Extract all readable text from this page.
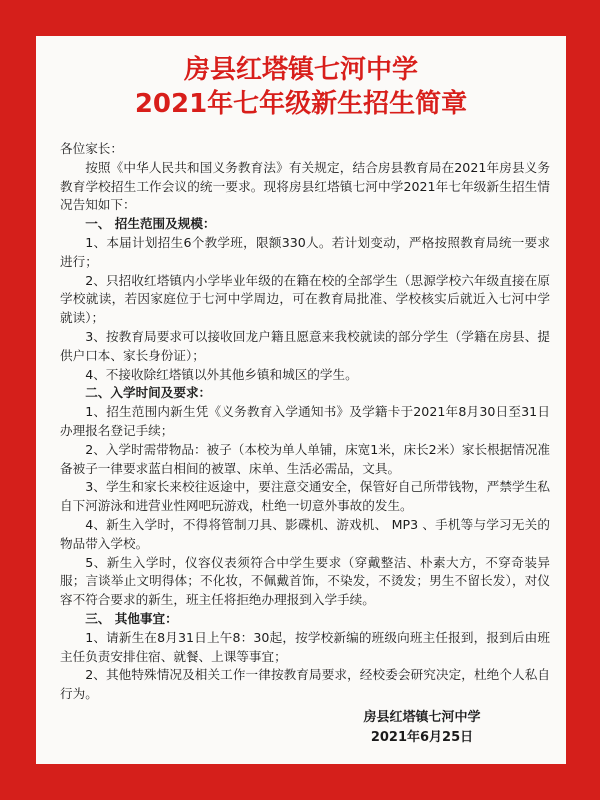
房县红塔镇七河中学
2021年七年级新生招生简章

各位家长：

按照《中华人民共和国义务教育法》有关规定，结合房县教育局在2021年房县义务教育学校招生工作会议的统一要求。现将房县红塔镇七河中学2021年七年级新生招生情况告知如下：

一、 招生范围及规模：

1、本届计划招生6个教学班，限额330人。若计划变动，严格按照教育局统一要求进行；

2、只招收红塔镇内小学毕业年级的在籍在校的全部学生（思源学校六年级直接在原学校就读，若因家庭位于七河中学周边，可在教育局批准、学校核实后就近入七河中学就读）；

3、按教育局要求可以接收回龙户籍且愿意来我校就读的部分学生（学籍在房县、提供户口本、家长身份证）；

4、不接收除红塔镇以外其他乡镇和城区的学生。

二、入学时间及要求：

1、招生范围内新生凭《义务教育入学通知书》及学籍卡于2021年8月30日至31日办理报名登记手续；

2、入学时需带物品：被子（本校为单人单铺，床宽1米，床长2米）家长根据情况准备被子一律要求蓝白相间的被罩、床单、生活必需品，文具。

3、学生和家长来校往返途中，要注意交通安全，保管好自己所带钱物，严禁学生私自下河游泳和进营业性网吧玩游戏，杜绝一切意外事故的发生。

4、新生入学时，不得将管制刀具、影碟机、游戏机、 MP3 、手机等与学习无关的物品带入学校。

5、新生入学时，仪容仪表须符合中学生要求（穿戴整洁、朴素大方，不穿奇装异服；言谈举止文明得体；不化妆，不佩戴首饰，不染发，不烫发；男生不留长发），对仪容不符合要求的新生，班主任将拒绝办理报到入学手续。

三、 其他事宜：

1、请新生在8月31日上午8：30起，按学校新编的班级向班主任报到，报到后由班主任负责安排住宿、就餐、上课等事宜；

2、其他特殊情况及相关工作一律按教育局要求，经校委会研究决定，杜绝个人私自行为。

房县红塔镇七河中学
2021年6月25日
